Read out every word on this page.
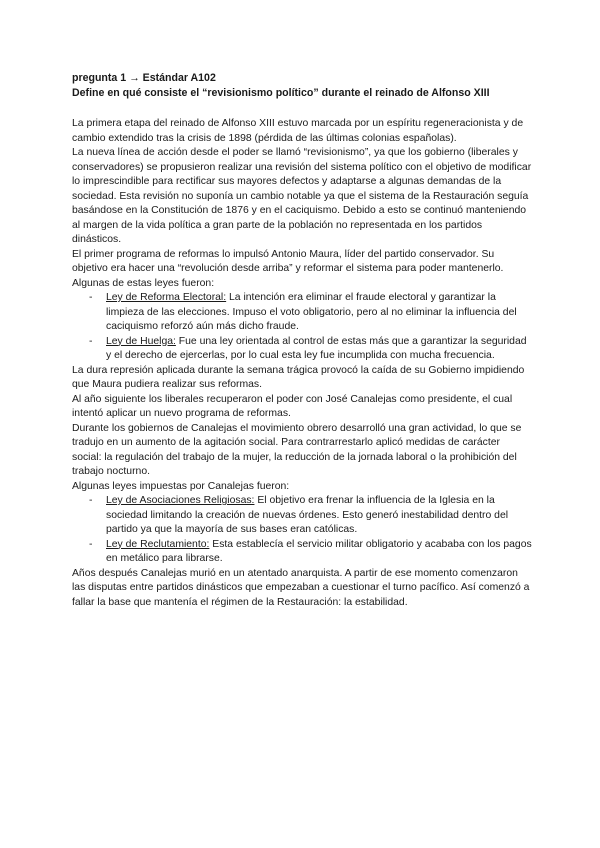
pregunta 1 → Estándar A102
Define en qué consiste el “revisionismo político” durante el reinado de Alfonso XIII

La primera etapa del reinado de Alfonso XIII estuvo marcada por un espíritu regeneracionista y de cambio extendido tras la crisis de 1898 (pérdida de las últimas colonias españolas).

La nueva línea de acción desde el poder se llamó “revisionismo”, ya que los gobierno (liberales y conservadores) se propusieron realizar una revisión del sistema político con el objetivo de modificar lo imprescindible para rectificar sus mayores defectos y adaptarse a algunas demandas de la sociedad. Esta revisión no suponía un cambio notable ya que el sistema de la Restauración seguía basándose en la Constitución de 1876 y en el caciquismo. Debido a esto se continuó manteniendo al margen de la vida política a gran parte de la población no representada en los partidos dinásticos.

El primer programa de reformas lo impulsó Antonio Maura, líder del partido conservador. Su objetivo era hacer una “revolución desde arriba” y reformar el sistema para poder mantenerlo. Algunas de estas leyes fueron:

- Ley de Reforma Electoral: La intención era eliminar el fraude electoral y garantizar la limpieza de las elecciones. Impuso el voto obligatorio, pero al no eliminar la influencia del caciquismo reforzó aún más dicho fraude.
- Ley de Huelga: Fue una ley orientada al control de estas más que a garantizar la seguridad y el derecho de ejercerlas, por lo cual esta ley fue incumplida con mucha frecuencia.

La dura represión aplicada durante la semana trágica provocó la caída de su Gobierno impidiendo que Maura pudiera realizar sus reformas.

Al año siguiente los liberales recuperaron el poder con José Canalejas como presidente, el cual intentó aplicar un nuevo programa de reformas.

Durante los gobiernos de Canalejas el movimiento obrero desarrolló una gran actividad, lo que se tradujo en un aumento de la agitación social. Para contrarrestarlo aplicó medidas de carácter social: la regulación del trabajo de la mujer, la reducción de la jornada laboral o la prohibición del trabajo nocturno.

Algunas leyes impuestas por Canalejas fueron:

- Ley de Asociaciones Religiosas: El objetivo era frenar la influencia de la Iglesia en la sociedad limitando la creación de nuevas órdenes. Esto generó inestabilidad dentro del partido ya que la mayoría de sus bases eran católicas.
- Ley de Reclutamiento: Esta establecía el servicio militar obligatorio y acababa con los pagos en metálico para librarse.

Años después Canalejas murió en un atentado anarquista. A partir de ese momento comenzaron las disputas entre partidos dinásticos que empezaban a cuestionar el turno pacífico. Así comenzó a fallar la base que mantenía el régimen de la Restauración: la estabilidad.
